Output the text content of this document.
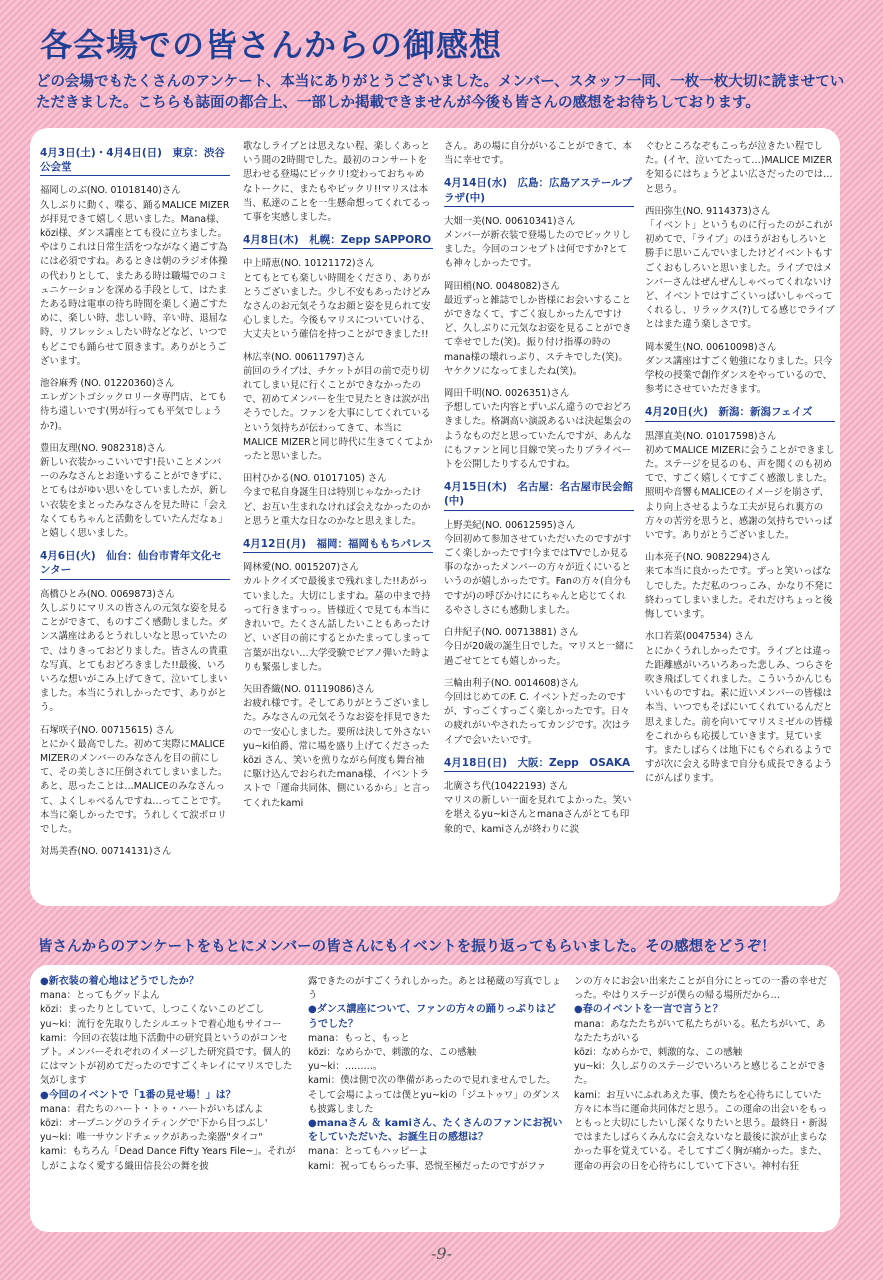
各会場での皆さんからの御感想

どの会場でもたくさんのアンケート、本当にありがとうございました。メンバー、スタッフ一同、一枚一枚大切に読ませていただきました。こちらも誌面の都合上、一部しか掲載できませんが今後も皆さんの感想をお待ちしております。

4月3日(土)・4月4日(日)　東京：渋谷公会堂

福岡しのぶ(NO. 01018140)さん

久しぶりに動く、喋る、踊るMALICE MIZERが拝見できて嬉しく思いました。Mana様、közi様、ダンス講座とても役に立ちました。やはりこれは日常生活をつながなく過ごす為には必須ですね。あるときは朝のラジオ体操の代わりとして、またある時は職場でのコミュニケーションを深める手段として、はたまたある時は電車の待ち時間を楽しく過ごすために、楽しい時、悲しい時、辛い時、退屈な時、リフレッシュしたい時などなど、いつでもどこでも踊らせて頂きます。ありがとうございます。

池谷麻秀 (NO. 01220360)さん

エレガントゴシックロリータ専門店、とても待ち遠しいです(男が行っても平気でしょうか?)。

豊田友理(NO. 9082318)さん

新しい衣装かっこいいです!長いことメンバーのみなさんとお逢いすることができずに、とてもはがゆい思いをしていましたが、新しい衣装をまとったみなさんを見た時に「会えなくてもちゃんと活動をしていたんだなぁ」と嬉しく思いました。

4月6日(火)　仙台：仙台市青年文化センター

高橋ひとみ(NO. 0069873)さん

久しぶりにマリスの皆さんの元気な姿を見ることができて、ものすごく感動しました。ダンス講座はあるとうれしいなと思っていたので、はりきっておどりました。皆さんの貴重な写真、とてもおどろきました!!最後、いろいろな想いがこみ上げてきて、泣いてしまいました。本当にうれしかったです、ありがとう。

石塚咲子(NO. 00715615) さん

とにかく最高でした。初めて実際にMALICE MIZERのメンバーのみなさんを目の前にして、その美しさに圧倒されてしまいました。あと、思ったことは…MALICEのみなさんって、よくしゃべるんですね…ってことです。本当に楽しかったです。うれしくて涙ボロリでした。

対馬美香(NO. 00714131)さん

歌なしライブとは思えない程、楽しくあっという間の2時間でした。最初のコンサートを思わせる登場にビックリ!変わっておちゃめなトークに、またもやビックリ!!マリスは本当、私達のことを一生懸命想ってくれてるって事を実感しました。

4月8日(木)　札幌：Zepp SAPPORO

中上晴恵(NO. 10121172)さん

とてもとても楽しい時間をくださり、ありがとうございました。少し不安もあったけどみなさんのお元気そうなお顔と姿を見られて安心しました。今後もマリスについていける、大丈夫という確信を持つことができました!!

林広幸(NO. 00611797)さん

前回のライブは、チケットが目の前で売り切れてしまい見に行くことができなかったので、初めてメンバーを生で見たときは涙が出そうでした。ファンを大事にしてくれているという気持ちが伝わってきて、本当にMALICE MIZERと同じ時代に生きてくてよかったと思いました。

田村ひかる(NO. 01017105) さん

今まで私自身誕生日は特別じゃなかったけど、お互い生まれなければ会えなかったのかと思うと重大な日なのかなと思えました。

4月12日(月)　福岡：福岡ももちパレス

岡林愛(NO. 0015207)さん

カルトクイズで最後まで残れました!!あがっていました。大切にしますね。墓の中まで持って行きますっっ。皆様近くで見ても本当にきれいで。たくさん話したいこともあったけど、いざ目の前にするとかたまってしまって言葉が出ない…大学受験でピアノ弾いた時よりも緊張しました。

矢田香織(NO. 01119086)さん

お疲れ様です。そしてありがとうございました。みなさんの元気そうなお姿を拝見できたので一安心しました。要所は決して外さないyu~ki伯爵、常に場を盛り上げてくださったközi さん、笑いを煎りながら何度も舞台袖に駆け込んでおられたmana様、イベントラストで「運命共同体、側にいるから」と言ってくれたkami

さん。あの場に自分がいることができて、本当に幸せです。

4月14日(水)　広島：広島アステールプラザ(中)

大畑一美(NO. 00610341)さん

メンバーが新衣装で登場したのでビックリしました。今回のコンセプトは何ですか?とても神々しかったです。

岡田梢(NO. 0048082)さん

最近ずっと雑誌でしか皆様にお会いすることができなくて、すごく寂しかったんですけど、久しぶりに元気なお姿を見ることができて幸せでした(笑)。振り付け指導の時のmana様の壊れっぷり、ステキでした(笑)。ヤケクソになってましたね(笑)。

岡田千明(NO. 0026351)さん

予想していた内容とずいぶん違うのでおどろきました。格調高い演説あるいは決起集会のようなものだと思っていたんですが、あんなにもファンと同じ目線で笑ったりプライベートを公開したりするんですね。

4月15日(木)　名古屋：名古屋市民会館(中)

上野美紀(NO. 00612595)さん

今回初めて参加させていただいたのですがすごく楽しかったです!今まではTVでしか見る事のなかったメンバーの方々が近くにいるというのが嬉しかったです。Fanの方々(自分もですが)の呼びかけににちゃんと応じてくれるやさしさにも感動しました。

白井紀子(NO. 00713881) さん

今日が20歳の誕生日でした。マリスと一緒に過ごせてとても嬉しかった。

三輪由利子(NO. 0014608)さん

今回はじめてのF. C. イベントだったのですが、すっごくすっごく楽しかったです。日々の疲れがいやされたってカンジです。次はライブで会いたいです。

4月18日(日)　大阪：Zepp　OSAKA

北廣さち代(10422193) さん

マリスの新しい一面を見れてよかった。笑いを堪えるyu~kiさんとmanaさんがとても印象的で、kamiさんが終わりに涙

ぐむところなぞもこっちが泣きたい程でした。(イヤ、泣いてたって…)MALICE MIZERを知るにはちょうどよい広さだったのでは…と思う。

西田弥生(NO. 9114373)さん

「イベント」というものに行ったのがこれが初めてで、「ライブ」のほうがおもしろいと勝手に思いこんでいましたけどイベントもすごくおもしろいと思いました。ライブではメンバーさんはぜんぜんしゃべってくれないけど、イベントではすごくいっぱいしゃべってくれるし、リラックス(?)してる感じでライブとはまた違う楽しさです。

岡本愛生(NO. 00610098)さん

ダンス講座はすごく勉強になりました。只今学校の授業で創作ダンスをやっているので、参考にさせていただきます。

4月20日(火)　新潟：新潟フェイズ

黒澤直美(NO. 01017598)さん

初めてMALICE MIZERに会うことができました。ステージを見るのも、声を聞くのも初めてで、すごく嬉しくてすごく感激しました。照明や音響もMALICEのイメージを崩さず、より向上させるような工夫が見られ裏方の方々の苦労を思うと、感謝の気持ちでいっぱいです。ありがとうございました。

山本亮子(NO. 9082294)さん

来て本当に良かったです。ずっと笑いっぱなしでした。ただ私のつっこみ、かなり不発に終わってしまいました。それだけちょっと後悔しています。

水口若菜(0047534) さん

とにかくうれしかったです。ライブとは違った距離感がいろいろあった悲しみ、つらさを吹き飛ばしてくれました。こういうかんじもいいものですね。素に近いメンバーの皆様は本当、いつでもそばにいてくれているんだと思えました。前を向いてマリスミゼルの皆様をこれからも応援していきます。見ています。またしばらくは地下にもぐられるようですが次に会える時まで自分も成長できるようにがんばります。

皆さんからのアンケートをもとにメンバーの皆さんにもイベントを振り返ってもらいました。その感想をどうぞ！

●新衣装の着心地はどうでしたか？

mana：とってもグッドよん

közi：まったりとしていて、しつこくないこのどごし

yu~ki：流行を先取りしたシルエットで着心地もサイコー

kami：今回の衣装は地下活動中の研究員というのがコンセプト。メンバーそれぞれのイメージした研究員です。個人的にはマントが初めてだったのですごくキレイにマリスでした気がします

●今回のイベントで「1番の見せ場！」は？

mana：君たちのハート・トゥ・ハートがいちばんよ

közi：オープニングのライティングで'下から目つぶし'

yu~ki：唯一サウンドチェックがあった楽器"タイコ"

kami：もちろん「Dead Dance Fifty Years File~」。それがしがこよなく愛する織田信長公の舞を披

露できたのがすごくうれしかった。あとは秘蔵の写真でしょう

●ダンス講座について、ファンの方々の踊りっぷりはどうでした？

mana：もっと、もっと

közi：なめらかで、刺激的な、この感触

yu~ki：………。

kami：僕は側で次の準備があったので見れませんでした。そして会場によっては僕とyu~kiの「ジユトゥワ」のダンスも披露しました

●manaさん ＆ kamiさん、たくさんのファンにお祝いをしていただいた、お誕生日の感想は？

mana：とってもハッピーよ

kami：祝ってもらった事、恐悦至極だったのですがファ

ンの方々にお会い出来たことが自分にとっての一番の幸せだった。やはりステージが僕らの帰る場所だから…

●春のイベントを一言で言うと？

mana：あなたたちがいて私たちがいる。私たちがいて、あなたたちがいる

közi：なめらかで、刺激的な、この感触

yu~ki：久しぶりのステージでいろいろと感じることができた。

kami：お互いにふれあえた事、僕たちを心待ちにしていた方々に本当に運命共同体だと思う。この運命の出会いをもっともっと大切にしたいし深くなりたいと思う。最終日・新潟ではまたしばらくみんなに会えないなと最後に涙が止まらなかった事を覚えている。そしてすごく胸が痛かった。また、運命の再会の日を心待ちにしていて下さい。神村右狂

-9-
